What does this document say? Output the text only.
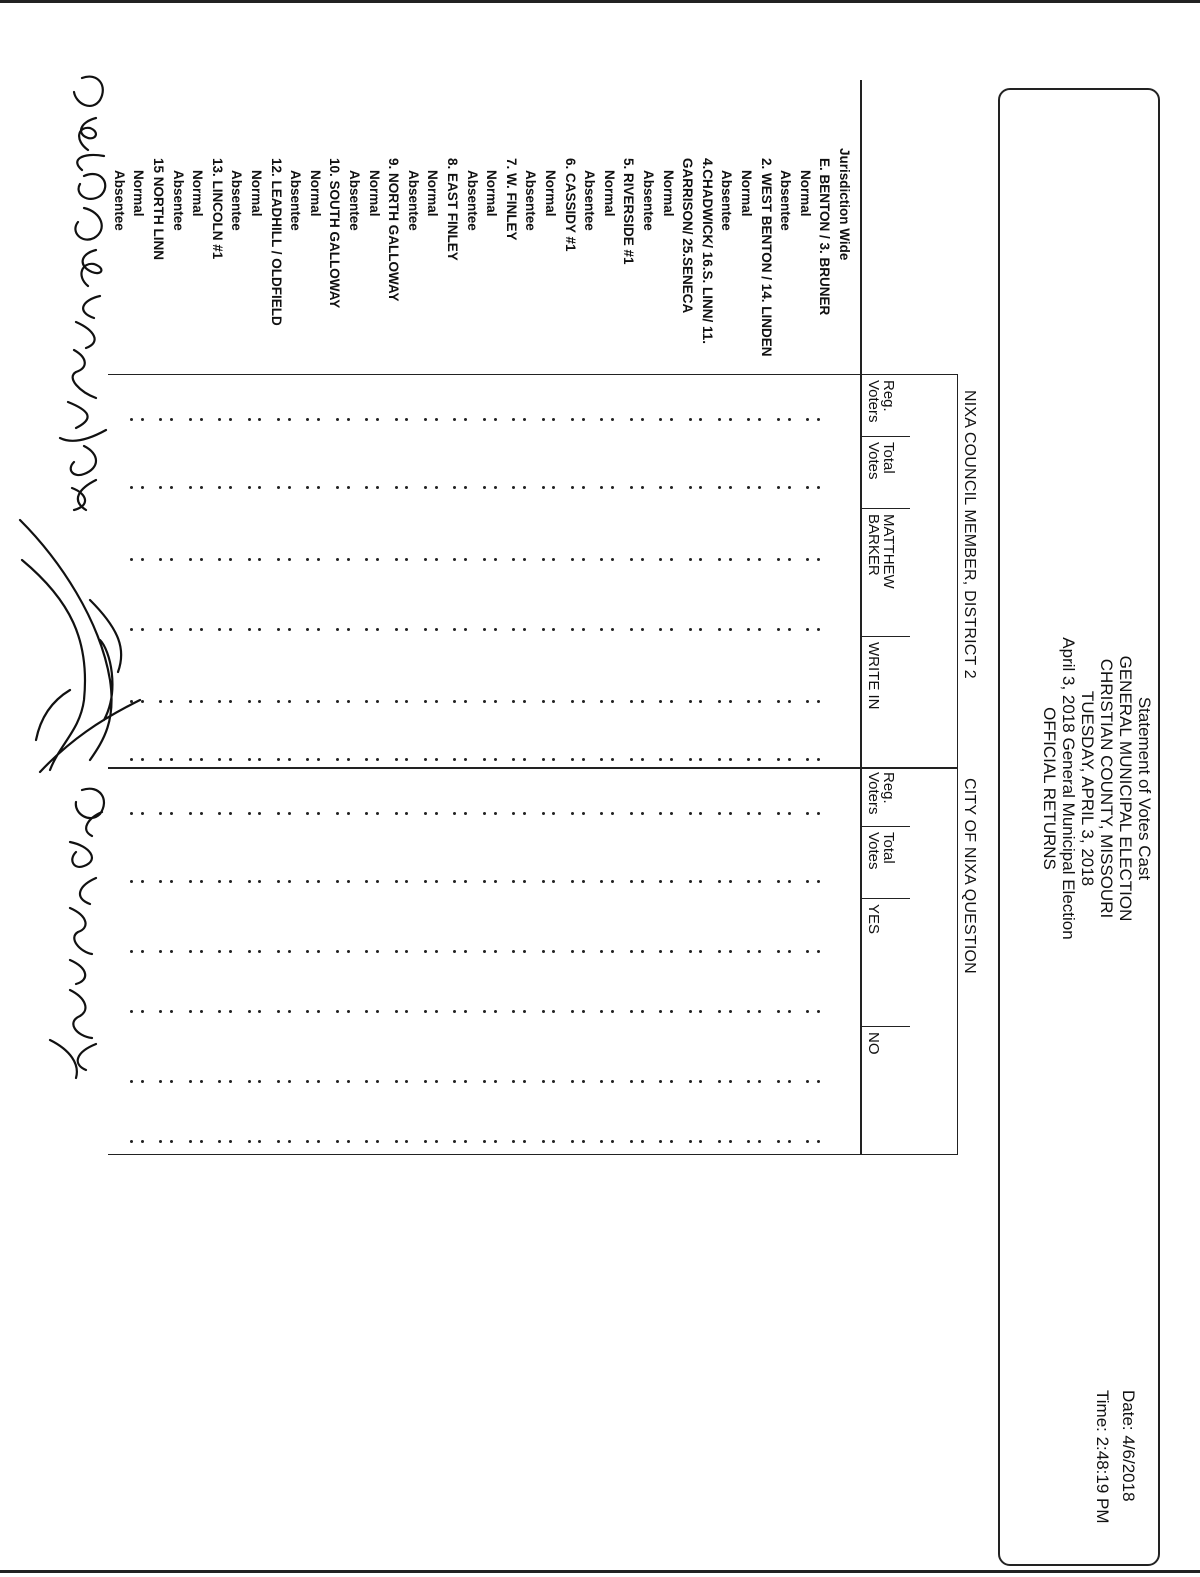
Statement of Votes Cast
GENERAL MUNICIPAL ELECTION
CHRISTIAN COUNTY, MISSOURI
TUESDAY, APRIL 3, 2018
April 3, 2018 General Municipal Election
OFFICIAL RETURNS
Date: 4/6/2018
Time: 2:48:19 PM
NIXA COUNCIL MEMBER, DISTRICT 2
CITY OF NIXA QUESTION
Reg.
Voters
Total
Votes
MATTHEW
BARKER
WRITE IN
Reg.
Voters
Total
Votes
YES
NO
Jurisdiction Wide
E. BENTON / 3. BRUNER
Normal
Absentee
2. WEST BENTON / 14. LINDEN
Normal
Absentee
4.CHADWICK/ 16.S. LINN/ 11.
GARRISON/ 25.SENECA
Normal
Absentee
5. RIVERSIDE #1
Normal
Absentee
6. CASSIDY #1
Normal
Absentee
7. W. FINLEY
Normal
Absentee
8. EAST FINLEY
Normal
Absentee
9. NORTH GALLOWAY
Normal
Absentee
10. SOUTH GALLOWAY
Normal
Absentee
12. LEADHILL / OLDFIELD
Normal
Absentee
13. LINCOLN #1
Normal
Absentee
15 NORTH LINN
Normal
Absentee
